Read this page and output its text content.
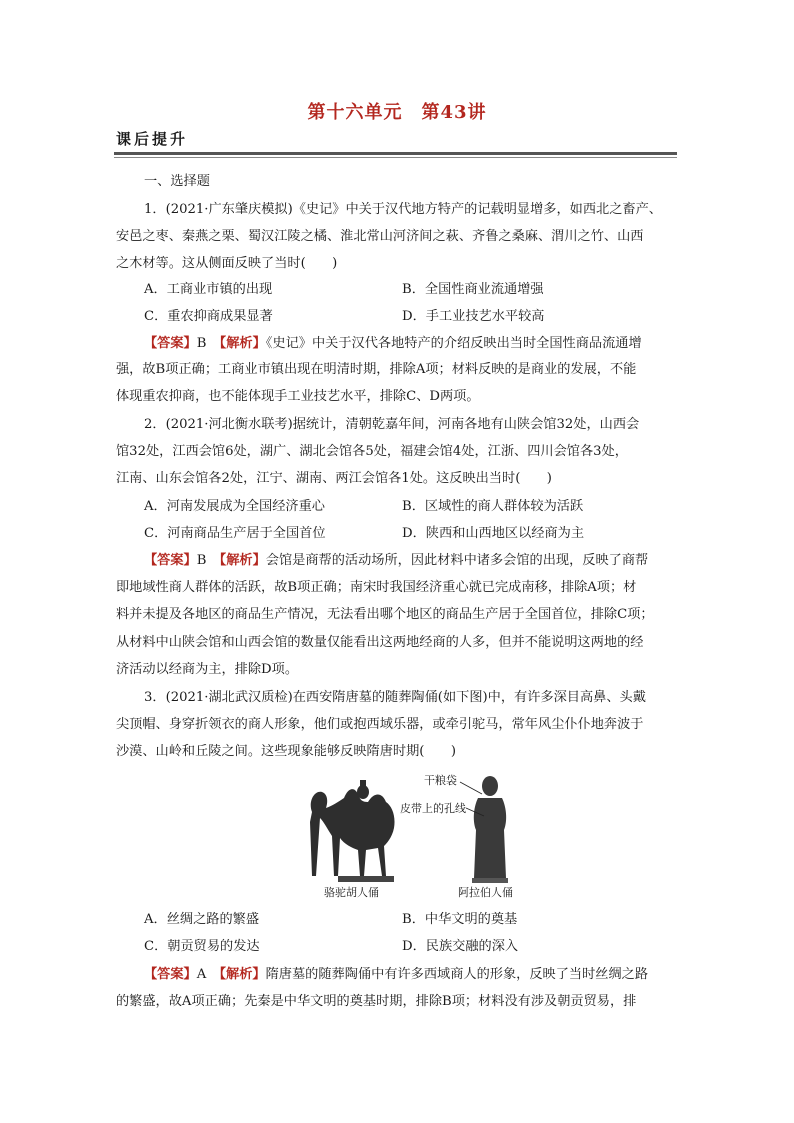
第十六单元　第43讲
课后提升
一、选择题
1．(2021·广东肇庆模拟)《史记》中关于汉代地方特产的记载明显增多，如西北之畜产、
安邑之枣、秦燕之栗、蜀汉江陵之橘、淮北常山河济间之萩、齐鲁之桑麻、渭川之竹、山西
之木材等。这从侧面反映了当时(　　)
A．工商业市镇的出现	B．全国性商业流通增强
C．重农抑商成果显著	D．手工业技艺水平较高
【答案】B　 【解析】《史记》中关于汉代各地特产的介绍反映出当时全国性商品流通增
强，故B项正确；工商业市镇出现在明清时期，排除A项；材料反映的是商业的发展，不能
体现重农抑商，也不能体现手工业技艺水平，排除C、D两项。
2．(2021·河北衡水联考)据统计，清朝乾嘉年间，河南各地有山陕会馆32处，山西会
馆32处，江西会馆6处，湖广、湖北会馆各5处，福建会馆4处，江浙、四川会馆各3处，
江南、山东会馆各2处，江宁、湖南、两江会馆各1处。这反映出当时(　　)
A．河南发展成为全国经济重心	B．区域性的商人群体较为活跃
C．河南商品生产居于全国首位	D．陕西和山西地区以经商为主
【答案】B　 【解析】会馆是商帮的活动场所，因此材料中诸多会馆的出现，反映了商帮
即地域性商人群体的活跃，故B项正确；南宋时我国经济重心就已完成南移，排除A项；材
料并未提及各地区的商品生产情况，无法看出哪个地区的商品生产居于全国首位，排除C项；
从材料中山陕会馆和山西会馆的数量仅能看出这两地经商的人多，但并不能说明这两地的经
济活动以经商为主，排除D项。
3．(2021·湖北武汉质检)在西安隋唐墓的随葬陶俑(如下图)中，有许多深目高鼻、头戴
尖顶帽、身穿折领衣的商人形象，他们或抱西域乐器，或牵引驼马，常年风尘仆仆地奔波于
沙漠、山岭和丘陵之间。这些现象能够反映隋唐时期(　　)
干粮袋
皮带上的孔线
骆驼胡人俑	阿拉伯人俑
A．丝绸之路的繁盛	B．中华文明的奠基
C．朝贡贸易的发达	D．民族交融的深入
【答案】A　 【解析】隋唐墓的随葬陶俑中有许多西域商人的形象，反映了当时丝绸之路
的繁盛，故A项正确；先秦是中华文明的奠基时期，排除B项；材料没有涉及朝贡贸易，排
